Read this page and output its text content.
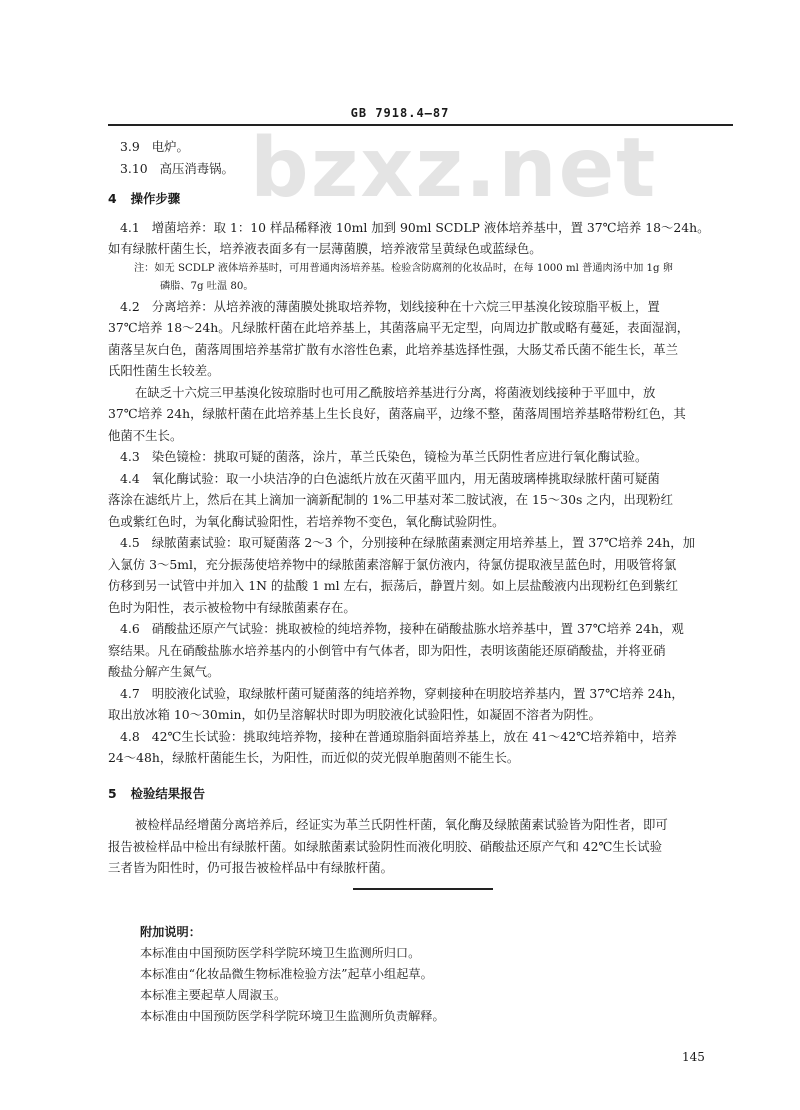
bzxz.net
GB 7918.4—87
3.9 电炉。
3.10 高压消毒锅。
4 操作步骤
4.1 增菌培养：取 1：10 样品稀释液 10ml 加到 90ml SCDLP 液体培养基中，置 37℃培养 18～24h。
如有绿脓杆菌生长，培养液表面多有一层薄菌膜，培养液常呈黄绿色或蓝绿色。
注：如无 SCDLP 液体培养基时，可用普通肉汤培养基。检验含防腐剂的化妆品时，在每 1000 ml 普通肉汤中加 1g 卵
磷脂、7g 吐温 80。
4.2 分离培养：从培养液的薄菌膜处挑取培养物，划线接种在十六烷三甲基溴化铵琼脂平板上，置
37℃培养 18～24h。凡绿脓杆菌在此培养基上，其菌落扁平无定型，向周边扩散或略有蔓延，表面湿润，
菌落呈灰白色，菌落周围培养基常扩散有水溶性色素，此培养基选择性强，大肠艾希氏菌不能生长，革兰
氏阳性菌生长较差。
在缺乏十六烷三甲基溴化铵琼脂时也可用乙酰胺培养基进行分离，将菌液划线接种于平皿中，放
37℃培养 24h，绿脓杆菌在此培养基上生长良好，菌落扁平，边缘不整，菌落周围培养基略带粉红色，其
他菌不生长。
4.3 染色镜检：挑取可疑的菌落，涂片，革兰氏染色，镜检为革兰氏阴性者应进行氧化酶试验。
4.4 氧化酶试验：取一小块洁净的白色滤纸片放在灭菌平皿内，用无菌玻璃棒挑取绿脓杆菌可疑菌
落涂在滤纸片上，然后在其上滴加一滴新配制的 1%二甲基对苯二胺试液，在 15～30s 之内，出现粉红
色或紫红色时，为氧化酶试验阳性，若培养物不变色，氧化酶试验阴性。
4.5 绿脓菌素试验：取可疑菌落 2～3 个，分别接种在绿脓菌素测定用培养基上，置 37℃培养 24h，加
入氯仿 3～5ml，充分振荡使培养物中的绿脓菌素溶解于氯仿液内，待氯仿提取液呈蓝色时，用吸管将氯
仿移到另一试管中并加入 1N 的盐酸 1 ml 左右，振荡后，静置片刻。如上层盐酸液内出现粉红色到紫红
色时为阳性，表示被检物中有绿脓菌素存在。
4.6 硝酸盐还原产气试验：挑取被检的纯培养物，接种在硝酸盐胨水培养基中，置 37℃培养 24h，观
察结果。凡在硝酸盐胨水培养基内的小倒管中有气体者，即为阳性，表明该菌能还原硝酸盐，并将亚硝
酸盐分解产生氮气。
4.7 明胶液化试验，取绿脓杆菌可疑菌落的纯培养物，穿刺接种在明胶培养基内，置 37℃培养 24h，
取出放冰箱 10～30min，如仍呈溶解状时即为明胶液化试验阳性，如凝固不溶者为阴性。
4.8 42℃生长试验：挑取纯培养物，接种在普通琼脂斜面培养基上，放在 41～42℃培养箱中，培养
24～48h，绿脓杆菌能生长，为阳性，而近似的荧光假单胞菌则不能生长。
5 检验结果报告
被检样品经增菌分离培养后，经证实为革兰氏阴性杆菌，氧化酶及绿脓菌素试验皆为阳性者，即可
报告被检样品中检出有绿脓杆菌。如绿脓菌素试验阴性而液化明胶、硝酸盐还原产气和 42℃生长试验
三者皆为阳性时，仍可报告被检样品中有绿脓杆菌。
附加说明：
本标准由中国预防医学科学院环境卫生监测所归口。
本标准由“化妆品微生物标准检验方法”起草小组起草。
本标准主要起草人周淑玉。
本标准由中国预防医学科学院环境卫生监测所负责解释。
145
